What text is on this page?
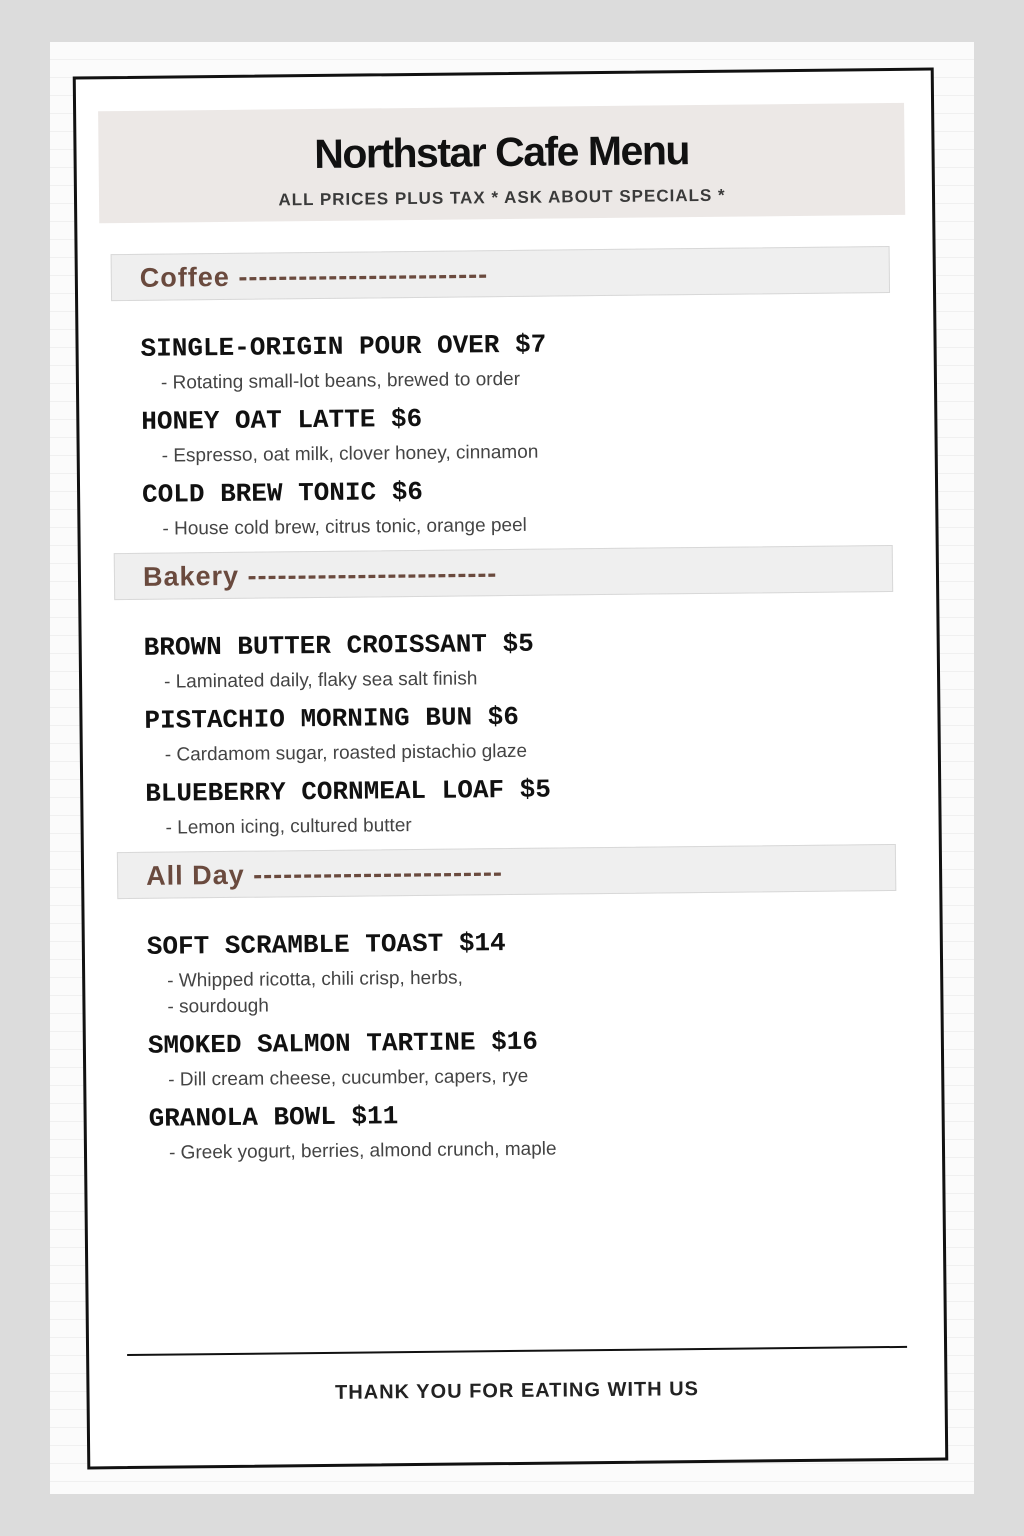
Northstar Cafe Menu
ALL PRICES PLUS TAX * ASK ABOUT SPECIALS *
Coffee -------------------------
SINGLE-ORIGIN POUR OVER $7
- Rotating small-lot beans, brewed to order
HONEY OAT LATTE $6
- Espresso, oat milk, clover honey, cinnamon
COLD BREW TONIC $6
- House cold brew, citrus tonic, orange peel
Bakery -------------------------
BROWN BUTTER CROISSANT $5
- Laminated daily, flaky sea salt finish
PISTACHIO MORNING BUN $6
- Cardamom sugar, roasted pistachio glaze
BLUEBERRY CORNMEAL LOAF $5
- Lemon icing, cultured butter
All Day -------------------------
SOFT SCRAMBLE TOAST $14
- Whipped ricotta, chili crisp, herbs,
- sourdough
SMOKED SALMON TARTINE $16
- Dill cream cheese, cucumber, capers, rye
GRANOLA BOWL $11
- Greek yogurt, berries, almond crunch, maple
THANK YOU FOR EATING WITH US
